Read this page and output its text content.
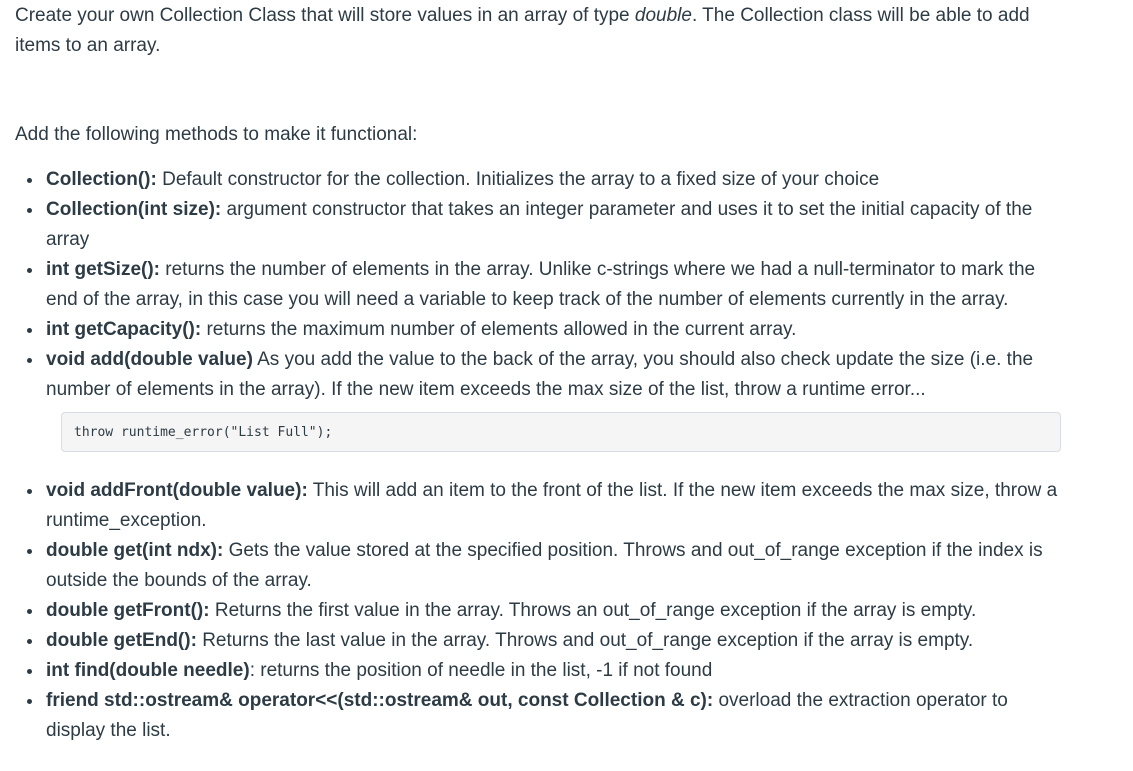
Create your own Collection Class that will store values in an array of type double. The Collection class will be able to add items to an array.

Add the following methods to make it functional:

Collection(): Default constructor for the collection. Initializes the array to a fixed size of your choice
Collection(int size): argument constructor that takes an integer parameter and uses it to set the initial capacity of the array
int getSize(): returns the number of elements in the array. Unlike c-strings where we had a null-terminator to mark the end of the array, in this case you will need a variable to keep track of the number of elements currently in the array.
int getCapacity(): returns the maximum number of elements allowed in the current array.
void add(double value) As you add the value to the back of the array, you should also check update the size (i.e. the number of elements in the array). If the new item exceeds the max size of the list, throw a runtime error...
throw runtime_error("List Full");
void addFront(double value): This will add an item to the front of the list. If the new item exceeds the max size, throw a runtime_exception.
double get(int ndx): Gets the value stored at the specified position. Throws and out_of_range exception if the index is outside the bounds of the array.
double getFront(): Returns the first value in the array. Throws an out_of_range exception if the array is empty.
double getEnd(): Returns the last value in the array. Throws and out_of_range exception if the array is empty.
int find(double needle): returns the position of needle in the list, -1 if not found
friend std::ostream& operator<<(std::ostream& out, const Collection & c): overload the extraction operator to display the list.
